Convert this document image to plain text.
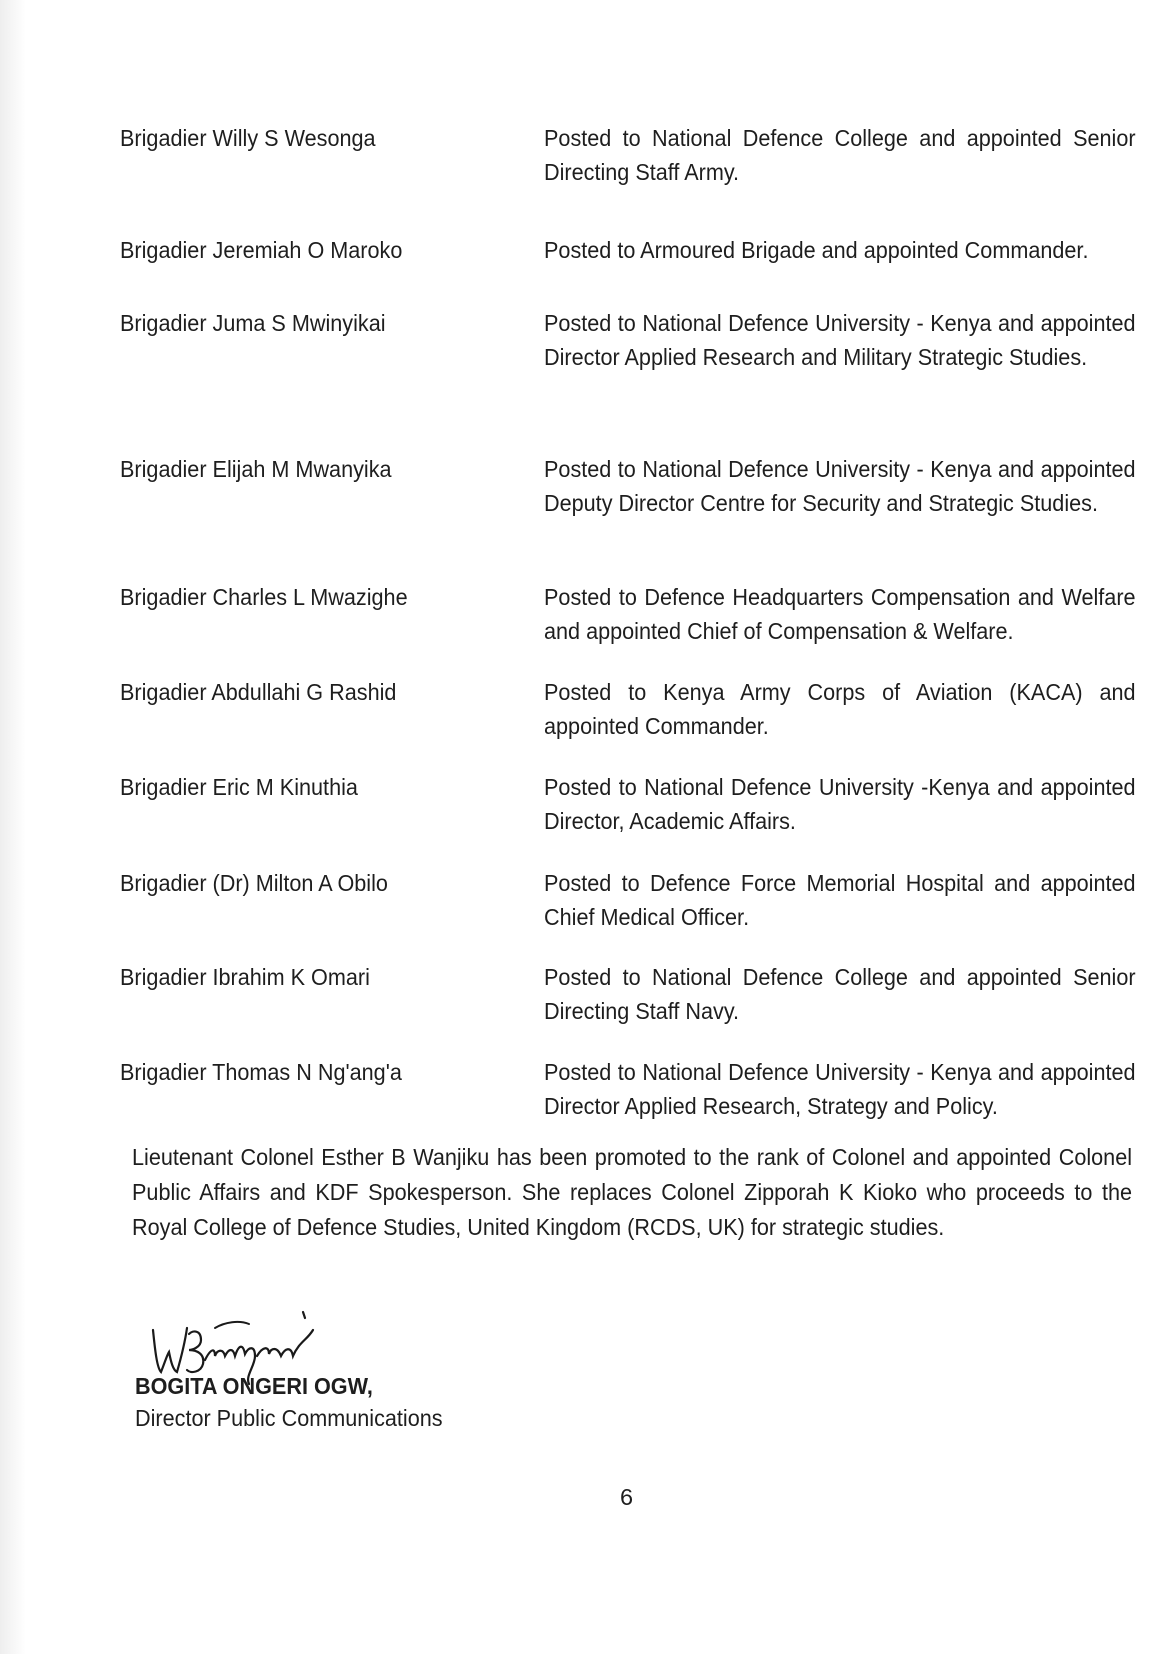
Brigadier Willy S Wesonga	Posted to National Defence College and appointed Senior Directing Staff Army.
Brigadier Jeremiah O Maroko	Posted to Armoured Brigade and appointed Commander.
Brigadier Juma S Mwinyikai	Posted to National Defence University - Kenya and appointed Director Applied Research and Military Strategic Studies.
Brigadier Elijah M Mwanyika	Posted to National Defence University - Kenya and appointed Deputy Director Centre for Security and Strategic Studies.
Brigadier Charles L Mwazighe	Posted to Defence Headquarters Compensation and Welfare and appointed Chief of Compensation & Welfare.
Brigadier Abdullahi G Rashid	Posted to Kenya Army Corps of Aviation (KACA) and appointed Commander.
Brigadier Eric M Kinuthia	Posted to National Defence University -Kenya and appointed Director, Academic Affairs.
Brigadier (Dr) Milton A Obilo	Posted to Defence Force Memorial Hospital and appointed Chief Medical Officer.
Brigadier Ibrahim K Omari	Posted to National Defence College and appointed Senior Directing Staff Navy.
Brigadier Thomas N Ng'ang'a	Posted to National Defence University - Kenya and appointed Director Applied Research, Strategy and Policy.
Lieutenant Colonel Esther B Wanjiku has been promoted to the rank of Colonel and appointed Colonel Public Affairs and KDF Spokesperson. She replaces Colonel Zipporah K Kioko who proceeds to the Royal College of Defence Studies, United Kingdom (RCDS, UK) for strategic studies.
BOGITA ONGERI OGW,
Director Public Communications
6
